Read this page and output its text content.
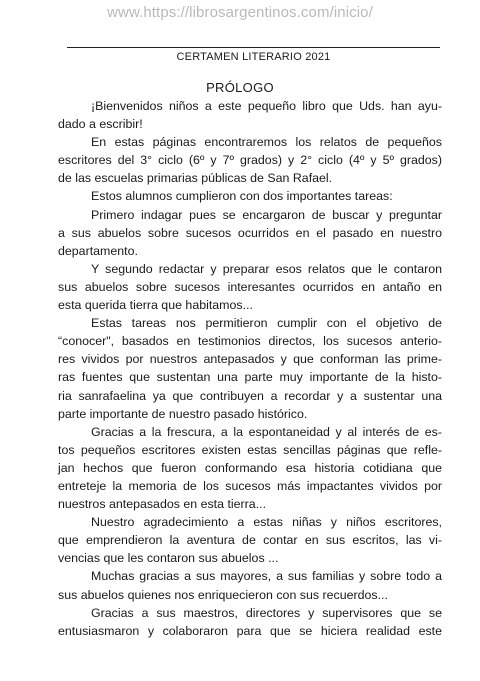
www.https://librosargentinos.com/inicio/
CERTAMEN LITERARIO 2021
PRÓLOGO
¡Bienvenidos niños a este pequeño libro que Uds. han ayu-
dado a escribir!
En estas páginas encontraremos los relatos de pequeños
escritores del 3° ciclo (6º y 7º grados) y 2° ciclo (4º y 5º grados)
de las escuelas primarias públicas de San Rafael.
Estos alumnos cumplieron con dos importantes tareas:
Primero indagar pues se encargaron de buscar y preguntar
a sus abuelos sobre sucesos ocurridos en el pasado en nuestro
departamento.
Y segundo redactar y preparar esos relatos que le contaron
sus abuelos sobre sucesos interesantes ocurridos en antaño en
esta querida tierra que habitamos...
Estas tareas nos permitieron cumplir con el objetivo de
“conocer", basados en testimonios directos, los sucesos anterio-
res vividos por nuestros antepasados y que conforman las prime-
ras fuentes que sustentan una parte muy importante de la histo-
ria sanrafaelina ya que contribuyen a recordar y a sustentar una
parte importante de nuestro pasado histórico.
Gracias a la frescura, a la espontaneidad y al interés de es-
tos pequeños escritores existen estas sencillas páginas que refle-
jan hechos que fueron conformando esa historia cotidiana que
entreteje la memoria de los sucesos más impactantes vividos por
nuestros antepasados en esta tierra...
Nuestro agradecimiento a estas niñas y niños escritores,
que emprendieron la aventura de contar en sus escritos, las vi-
vencias que les contaron sus abuelos ...
Muchas gracias a sus mayores, a sus familias y sobre todo a
sus abuelos quienes nos enriquecieron con sus recuerdos...
Gracias a sus maestros, directores y supervisores que se
entusiasmaron y colaboraron para que se hiciera realidad este
